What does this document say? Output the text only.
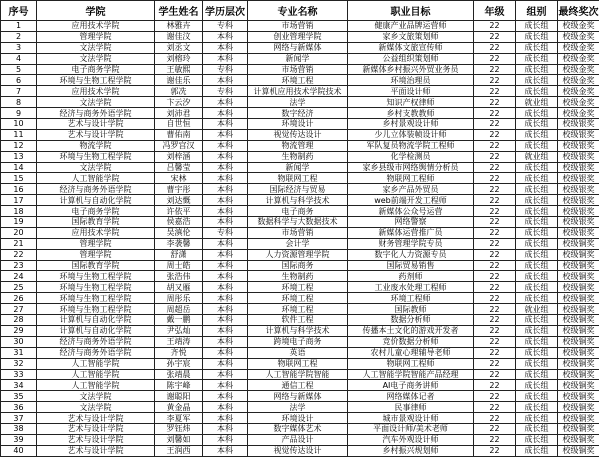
序号	学院	学生姓名	学历层次	专业名称	职业目标	年级	组别	最终奖次
1	应用技术学院	林雅卉	专科	市场营销	健康产业品牌运营师	22	成长组	校级金奖
2	管理学院	谢佳汶	本科	创业管理学院	家乡文旅策划师	22	成长组	校级金奖
3	文法学院	刘丞文	本科	网络与新媒体	新媒体文旅宣传师	22	成长组	校级金奖
4	文法学院	刘榕玲	本科	新闻学	公益组织策划师	22	成长组	校级金奖
5	电子商务学院	王敏熙	专科	市场营销	新媒体乡村振兴外贸业务员	22	成长组	校级金奖
6	环境与生物工程学院	谢佳乐	本科	环境工程	环境治理员	22	成长组	校级金奖
7	应用技术学院	郭冼	专科	计算机应用技术学院技术	平面设计师	22	成长组	校级金奖
8	文法学院	卞云汐	本科	法学	知识产权律师	22	就业组	校级金奖
9	经济与商务外语学院	刘沛君	本科	数字经济	乡村支教教师	22	成长组	校级金奖
10	艺术与设计学院	自世恒	本科	环境设计	乡村景观设计师	22	成长组	校级银奖
11	艺术与设计学院	曹佑南	本科	视觉传达设计	少儿立体装帧设计师	22	成长组	校级银奖
12	物流学院	冯罗宫汉	本科	物流管理	军队复员物流学院工程师	22	成长组	校级银奖
13	环境与生物工程学院	刘梓涵	本科	生物制药	化学检测员	22	就业组	校级银奖
14	文法学院	吕馨莹	本科	新闻学	家乡县级市网络舆情分析员	22	成长组	校级银奖
15	人工智能学院	宋林	本科	物联网工程	物联网工程师	22	成长组	校级银奖
16	经济与商务外语学院	曹宇彤	本科	国际经济与贸易	家乡产品外贸员	22	成长组	校级银奖
17	计算机与自动化学院	刘达慨	本科	计算机与科学技术	web前端开发工程师	22	成长组	校级银奖
18	电子商务学院	许依平	本科	电子商务	新媒体公众号运营	22	成长组	校级银奖
19	国际教育学院	侯嘉浩	本科	数据科学与大数据技术	网络警察	22	成长组	校级银奖
20	应用技术学院	吴滇伦	专科	市场营销	新媒体运营推广员	22	成长组	校级银奖
21	管理学院	李袭馨	本科	会计学	财务管理学院专员	22	成长组	校级铜奖
22	管理学院	舒潇	本科	人力资源管理学院	数字化人力资源专员	22	成长组	校级铜奖
23	国际教育学院	周士皓	本科	国际商务	国际贸易销售	22	成长组	校级铜奖
24	环境与生物工程学院	张浩伟	本科	生物制药	药剂师	22	成长组	校级铜奖
25	环境与生物工程学院	胡又雁	本科	环境工程	工业废水处理工程师	22	成长组	校级铜奖
26	环境与生物工程学院	周彤乐	本科	环境工程	环境工程师	22	成长组	校级铜奖
27	环境与生物工程学院	周超岳	本科	环境工程	国际教师	22	就业组	校级铜奖
28	计算机与自动化学院	戴一鹏	本科	软件工程	数据分析师	22	成长组	校级铜奖
29	计算机与自动化学院	尹弘灿	本科	计算机与科学技术	传播本土文化的游戏开发者	22	成长组	校级铜奖
30	经济与商务外语学院	王靖涛	本科	跨境电子商务	竞价数据分析师	22	成长组	校级铜奖
31	经济与商务外语学院	齐悦	本科	英语	农村儿童心理辅导老师	22	成长组	校级铜奖
32	人工智能学院	孙宇宸	本科	物联网工程	物联网工程师	22	成长组	校级铜奖
33	人工智能学院	张靖晨	本科	人工智能学院智能	人工智能学院智能产品经理	22	成长组	校级铜奖
34	人工智能学院	陈宇峰	本科	通信工程	AI电子商务讲师	22	成长组	校级铜奖
35	文法学院	谢聪阳	本科	网络与新媒体	网络媒体记者	22	成长组	校级铜奖
36	文法学院	黄金晶	本科	法学	民事律师	22	成长组	校级铜奖
37	艺术与设计学院	李夏军	本科	环境设计	城市景观设计师	22	成长组	校级铜奖
38	艺术与设计学院	罗钰炜	本科	数字媒体艺术	平面设计师/美术老师	22	成长组	校级铜奖
39	艺术与设计学院	刘馨如	本科	产品设计	汽车外观设计师	22	成长组	校级铜奖
40	艺术与设计学院	王润西	本科	视觉传达设计	乡村振兴规划师	22	成长组	校级铜奖
